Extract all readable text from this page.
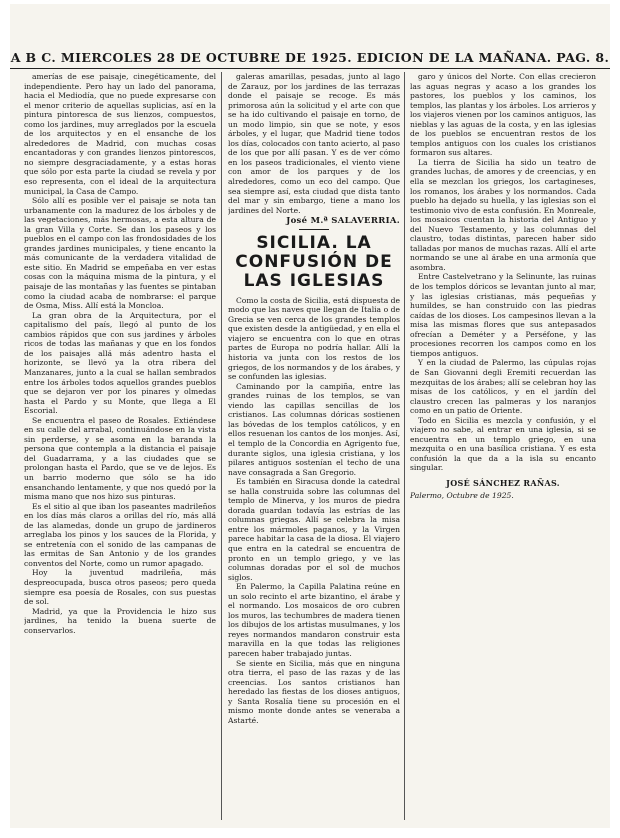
A B C. MIERCOLES 28 DE OCTUBRE DE 1925. EDICION DE LA MAÑANA. PAG. 8.

amerías de ese paisaje, cinegéticamente, del independiente. Pero hay un lado del panorama, hacia el Mediodía, que no puede expresarse con el menor criterio de aquellas suplicias, así en la pintura pintoresca de sus lienzos, compuestos, como los jardines, muy arreglados por la escuela de los arquitectos y en el ensanche de los alrededores de Madrid, con muchas cosas encantadoras y con grandes lienzos pintorescos, no siempre desgraciadamente, y a estas horas que sólo por esta parte la ciudad se revela y por eso representa, con el ideal de la arquitectura municipal, la Casa de Campo.

Sólo allí es posible ver el paisaje se nota tan urbanamente con la madurez de los árboles y de las vegetaciones, más hermosas, a esta altura de la gran Villa y Corte. Se dan los paseos y los pueblos en el campo con las frondosidades de los grandes jardines municipales, y tiene encanto la más comunicante de la verdadera vitalidad de este sitio. En Madrid se empeñaba en ver estas cosas con la máquina misma de la pintura, y el paisaje de las montañas y las fuentes se pintaban como la ciudad acaba de nombrarse: el parque de Osma, Miss. Allí está la Moncloa.

La gran obra de la Arquitectura, por el capitalismo del país, llegó al punto de los cambios rápidos que con sus jardines y árboles ricos de todas las mañanas y que en los fondos de los paisajes allá más adentro hasta el horizonte, se llevó ya la otra ribera del Manzanares, junto a la cual se hallan sembrados entre los árboles todos aquellos grandes pueblos que se dejaron ver por los pinares y olmedas hasta el Pardo y su Monte, que llega a El Escorial.

Se encuentra el paseo de Rosales. Extiéndese en su calle del arrabal, continuándose en la vista sin perderse, y se asoma en la baranda la persona que contempla a la distancia el paisaje del Guadarrama, y a las ciudades que se prolongan hasta el Pardo, que se ve de lejos. Es un barrio moderno que sólo se ha ido ensanchando lentamente, y que nos quedó por la misma mano que nos hizo sus pinturas.

Es el sitio al que iban los paseantes madrileños en los días más claros a orillas del río, más allá de las alamedas, donde un grupo de jardineros arreglaba los pinos y los sauces de la Florida, y se entretenía con el sonido de las campanas de las ermitas de San Antonio y de los grandes conventos del Norte, como un rumor apagado.

Hoy la juventud madrileña, más despreocupada, busca otros paseos; pero queda siempre esa poesía de Rosales, con sus puestas de sol.

Madrid, ya que la Providencia le hizo sus jardines, ha tenido la buena suerte de conservarlos.

galeras amarillas, pesadas, junto al lago de Zarauz, por los jardines de las terrazas donde el paisaje se recoge. Es más primorosa aún la solicitud y el arte con que se ha ido cultivando el paisaje en torno, de un modo limpio, sin que se note, y esos árboles, y el lugar, que Madrid tiene todos los días, colocados con tanto acierto, al paso de los que por allí pasan. Y es de ver cómo en los paseos tradicionales, el viento viene con amor de los parques y de los alrededores, como un eco del campo. Que sea siempre así, esta ciudad que dista tanto del mar y sin embargo, tiene a mano los jardines del Norte.

José M.ª SALAVERRIA.
SICILIA. LA CONFUSIÓN DE LAS IGLESIAS

Como la costa de Sicilia, está dispuesta de modo que las naves que llegan de Italia o de Grecia se ven cerca de los grandes templos que existen desde la antigüedad, y en ella el viajero se encuentra con lo que en otras partes de Europa no podría hallar. Allí la historia va junta con los restos de los griegos, de los normandos y de los árabes, y se confunden las iglesias.

Caminando por la campiña, entre las grandes ruinas de los templos, se van viendo las capillas sencillas de los cristianos. Las columnas dóricas sostienen las bóvedas de los templos católicos, y en ellos resuenan los cantos de los monjes. Así, el templo de la Concordia en Agrigento fue, durante siglos, una iglesia cristiana, y los pilares antiguos sostenían el techo de una nave consagrada a San Gregorio.

Es también en Siracusa donde la catedral se halla construida sobre las columnas del templo de Minerva, y los muros de piedra dorada guardan todavía las estrías de las columnas griegas. Allí se celebra la misa entre los mármoles paganos, y la Virgen parece habitar la casa de la diosa. El viajero que entra en la catedral se encuentra de pronto en un templo griego, y ve las columnas doradas por el sol de muchos siglos.

En Palermo, la Capilla Palatina reúne en un solo recinto el arte bizantino, el árabe y el normando. Los mosaicos de oro cubren los muros, las techumbres de madera tienen los dibujos de los artistas musulmanes, y los reyes normandos mandaron construir esta maravilla en la que todas las religiones parecen haber trabajado juntas.

Se siente en Sicilia, más que en ninguna otra tierra, el paso de las razas y de las creencias. Los santos cristianos han heredado las fiestas de los dioses antiguos, y Santa Rosalía tiene su procesión en el mismo monte donde antes se veneraba a Astarté.

garo y únicos del Norte. Con ellas crecieron las aguas negras y acaso a los grandes los pastores, los pueblos y los caminos, los templos, las plantas y los árboles. Los arrieros y los viajeros vienen por los caminos antiguos, las nieblas y las aguas de la costa, y en las iglesias de los pueblos se encuentran restos de los templos antiguos con los cuales los cristianos formaron sus altares.

La tierra de Sicilia ha sido un teatro de grandes luchas, de amores y de creencias, y en ella se mezclan los griegos, los cartagineses, los romanos, los árabes y los normandos. Cada pueblo ha dejado su huella, y las iglesias son el testimonio vivo de esta confusión. En Monreale, los mosaicos cuentan la historia del Antiguo y del Nuevo Testamento, y las columnas del claustro, todas distintas, parecen haber sido talladas por manos de muchas razas. Allí el arte normando se une al árabe en una armonía que asombra.

Entre Castelvetrano y la Selinunte, las ruinas de los templos dóricos se levantan junto al mar, y las iglesias cristianas, más pequeñas y humildes, se han construido con las piedras caídas de los dioses. Los campesinos llevan a la misa las mismas flores que sus antepasados ofrecían a Deméter y a Perséfone, y las procesiones recorren los campos como en los tiempos antiguos.

Y en la ciudad de Palermo, las cúpulas rojas de San Giovanni degli Eremiti recuerdan las mezquitas de los árabes; allí se celebran hoy las misas de los católicos, y en el jardín del claustro crecen las palmeras y los naranjos como en un patio de Oriente.

Todo en Sicilia es mezcla y confusión, y el viajero no sabe, al entrar en una iglesia, si se encuentra en un templo griego, en una mezquita o en una basílica cristiana. Y es esta confusión la que da a la isla su encanto singular.

JOSÉ SÁNCHEZ RAÑAS.

Palermo, Octubre de 1925.
